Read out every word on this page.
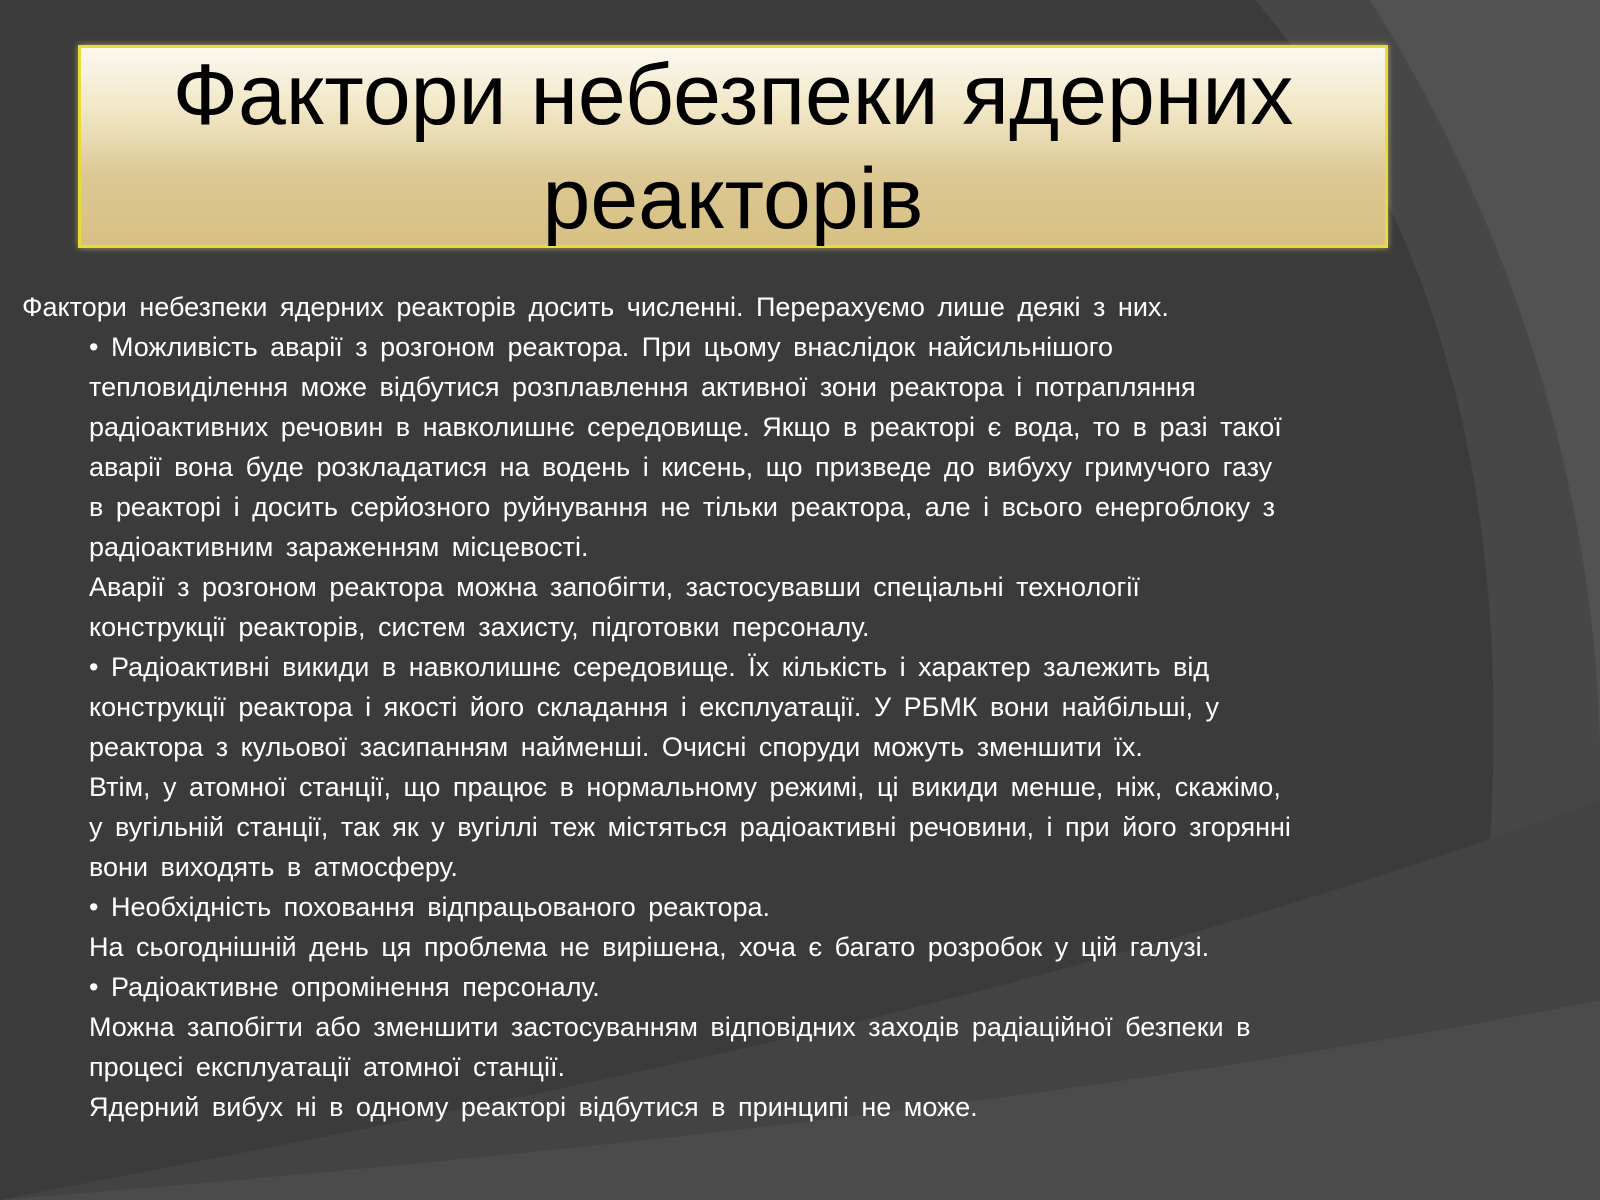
Фактори небезпеки ядерних реакторів
Фактори небезпеки ядерних реакторів досить численні. Перерахуємо лише деякі з них.
• Можливість аварії з розгоном реактора. При цьому внаслідок найсильнішого
тепловиділення може відбутися розплавлення активної зони реактора і потрапляння
радіоактивних речовин в навколишнє середовище. Якщо в реакторі є вода, то в разі такої
аварії вона буде розкладатися на водень і кисень, що призведе до вибуху гримучого газу
в реакторі і досить серйозного руйнування не тільки реактора, але і всього енергоблоку з
радіоактивним зараженням місцевості.
Аварії з розгоном реактора можна запобігти, застосувавши спеціальні технології
конструкції реакторів, систем захисту, підготовки персоналу.
• Радіоактивні викиди в навколишнє середовище. Їх кількість і характер залежить від
конструкції реактора і якості його складання і експлуатації. У РБМК вони найбільші, у
реактора з кульової засипанням найменші. Очисні споруди можуть зменшити їх.
Втім, у атомної станції, що працює в нормальному режимі, ці викиди менше, ніж, скажімо,
у вугільній станції, так як у вугіллі теж містяться радіоактивні речовини, і при його згорянні
вони виходять в атмосферу.
• Необхідність поховання відпрацьованого реактора.
На сьогоднішній день ця проблема не вирішена, хоча є багато розробок у цій галузі.
• Радіоактивне опромінення персоналу.
Можна запобігти або зменшити застосуванням відповідних заходів радіаційної безпеки в
процесі експлуатації атомної станції.
Ядерний вибух ні в одному реакторі відбутися в принципі не може.
